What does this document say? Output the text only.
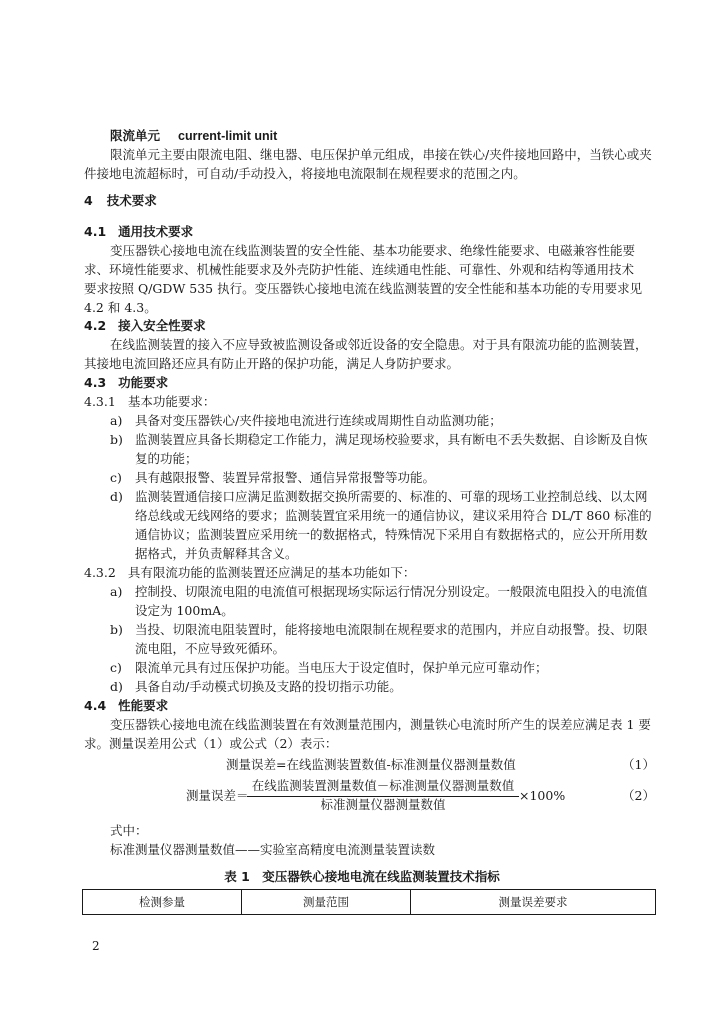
限流单元 current-limit unit
限流单元主要由限流电阻、继电器、电压保护单元组成，串接在铁心/夹件接地回路中，当铁心或夹
件接地电流超标时，可自动/手动投入，将接地电流限制在规程要求的范围之内。
4 技术要求
4.1 通用技术要求
变压器铁心接地电流在线监测装置的安全性能、基本功能要求、绝缘性能要求、电磁兼容性能要
求、环境性能要求、机械性能要求及外壳防护性能、连续通电性能、可靠性、外观和结构等通用技术
要求按照 Q/GDW 535 执行。变压器铁心接地电流在线监测装置的安全性能和基本功能的专用要求见
4.2 和 4.3。
4.2 接入安全性要求
在线监测装置的接入不应导致被监测设备或邻近设备的安全隐患。对于具有限流功能的监测装置，
其接地电流回路还应具有防止开路的保护功能，满足人身防护要求。
4.3 功能要求
4.3.1 基本功能要求：
a) 具备对变压器铁心/夹件接地电流进行连续或周期性自动监测功能；
b) 监测装置应具备长期稳定工作能力，满足现场校验要求，具有断电不丢失数据、自诊断及自恢
复的功能；
c) 具有越限报警、装置异常报警、通信异常报警等功能。
d) 监测装置通信接口应满足监测数据交换所需要的、标准的、可靠的现场工业控制总线、以太网
络总线或无线网络的要求；监测装置宜采用统一的通信协议，建议采用符合 DL/T 860 标准的
通信协议；监测装置应采用统一的数据格式，特殊情况下采用自有数据格式的，应公开所用数
据格式，并负责解释其含义。
4.3.2 具有限流功能的监测装置还应满足的基本功能如下：
a) 控制投、切限流电阻的电流值可根据现场实际运行情况分别设定。一般限流电阻投入的电流值
设定为 100mA。
b) 当投、切限流电阻装置时，能将接地电流限制在规程要求的范围内，并应自动报警。投、切限
流电阻，不应导致死循环。
c) 限流单元具有过压保护功能。当电压大于设定值时，保护单元应可靠动作；
d) 具备自动/手动模式切换及支路的投切指示功能。
4.4 性能要求
变压器铁心接地电流在线监测装置在有效测量范围内，测量铁心电流时所产生的误差应满足表 1 要
求。测量误差用公式（1）或公式（2）表示：
测量误差=在线监测装置数值-标准测量仪器测量数值	（1）
测量误差＝
在线监测装置测量数值－标准测量仪器测量数值
标准测量仪器测量数值
×100%	（2）
式中：
标准测量仪器测量数值——实验室高精度电流测量装置读数
表 1　变压器铁心接地电流在线监测装置技术指标
检测参量	测量范围	测量误差要求
2
